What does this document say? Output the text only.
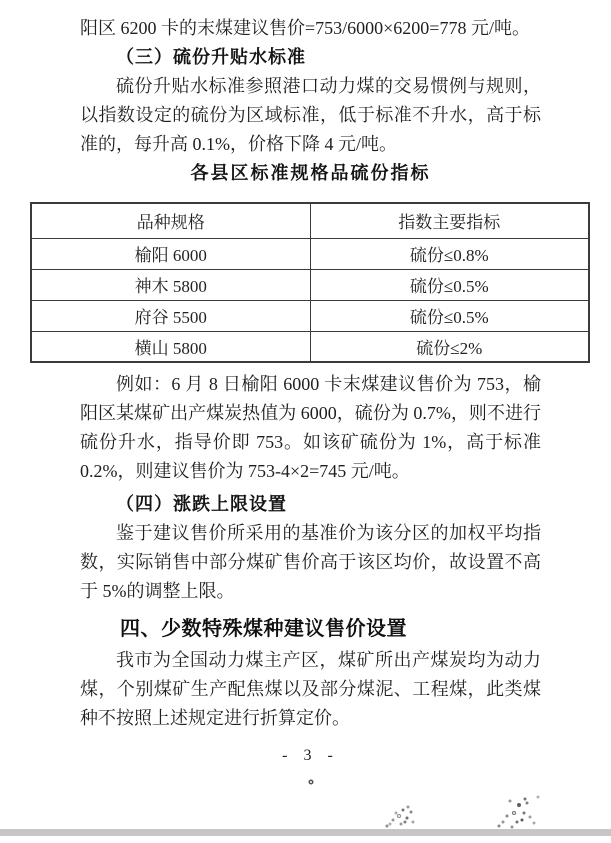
阳区 6200 卡的末煤建议售价=753/6000×6200=778 元/吨。

（三）硫份升贴水标准

硫份升贴水标准参照港口动力煤的交易惯例与规则，以指数设定的硫份为区域标准，低于标准不升水，高于标准的，每升高 0.1%，价格下降 4 元/吨。

各县区标准规格品硫份指标
品种规格	指数主要指标
榆阳 6000	硫份≤0.8%
神木 5800	硫份≤0.5%
府谷 5500	硫份≤0.5%
横山 5800	硫份≤2%

例如：6 月 8 日榆阳 6000 卡末煤建议售价为 753，榆阳区某煤矿出产煤炭热值为 6000，硫份为 0.7%，则不进行硫份升水，指导价即 753。如该矿硫份为 1%，高于标准 0.2%，则建议售价为 753-4×2=745 元/吨。

（四）涨跌上限设置

鉴于建议售价所采用的基准价为该分区的加权平均指数，实际销售中部分煤矿售价高于该区均价，故设置不高于 5%的调整上限。

四、少数特殊煤种建议售价设置

我市为全国动力煤主产区，煤矿所出产煤炭均为动力煤，个别煤矿生产配焦煤以及部分煤泥、工程煤，此类煤种不按照上述规定进行折算定价。

- 3 -
